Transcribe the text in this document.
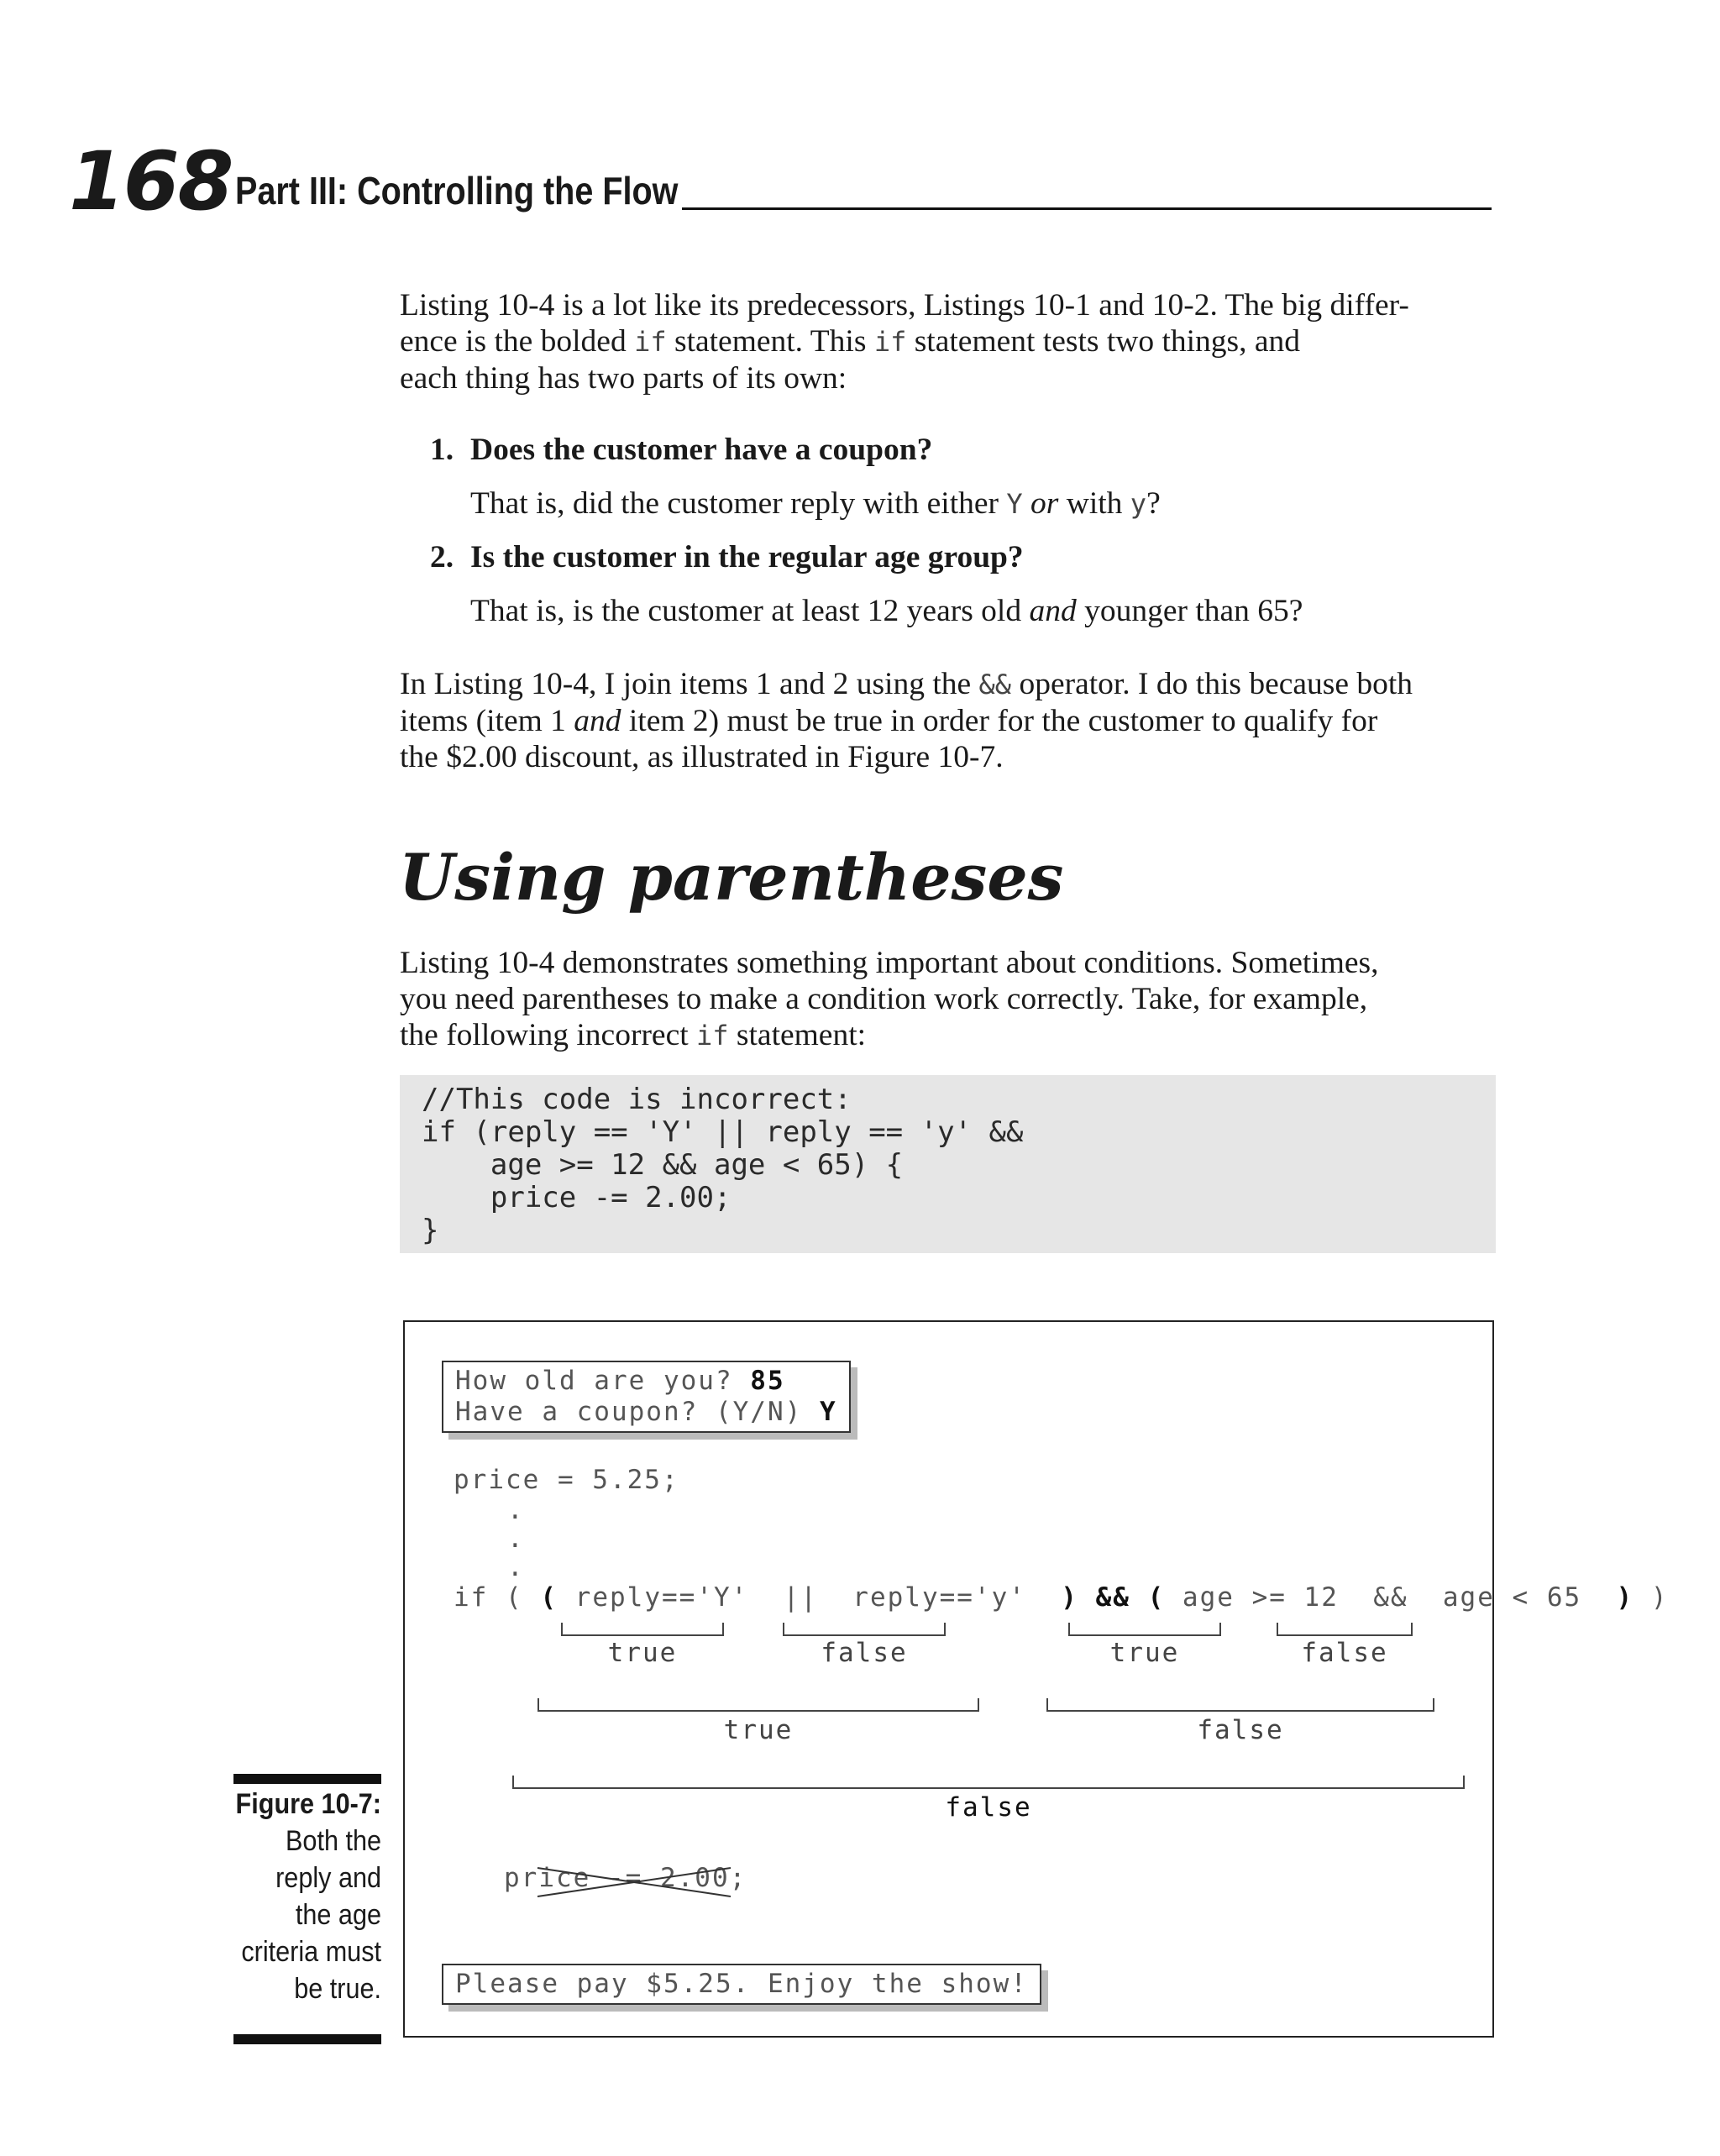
168 Part III: Controlling the Flow
Listing 10-4 is a lot like its predecessors, Listings 10-1 and 10-2. The big differ-
ence is the bolded if statement. This if statement tests two things, and
each thing has two parts of its own:
1. Does the customer have a coupon?
That is, did the customer reply with either Y or with y?
2. Is the customer in the regular age group?
That is, is the customer at least 12 years old and younger than 65?
In Listing 10-4, I join items 1 and 2 using the && operator. I do this because both
items (item 1 and item 2) must be true in order for the customer to qualify for
the $2.00 discount, as illustrated in Figure 10-7.
Using parentheses
Listing 10-4 demonstrates something important about conditions. Sometimes,
you need parentheses to make a condition work correctly. Take, for example,
the following incorrect if statement:
//This code is incorrect:
if (reply == 'Y' || reply == 'y' &&
age >= 12 && age < 65) {
price -= 2.00;
}
How old are you? 85
Have a coupon? (Y/N) Y
price = 5.25;
.
.
.
if ( ( reply=='Y'  ||  reply=='y'  ) && ( age >= 12  &&  age < 65  ) )
true	false	true	false
true	false
false
price -= 2.00;
Please pay $5.25. Enjoy the show!
Figure 10-7:
Both the
reply and
the age
criteria must
be true.
